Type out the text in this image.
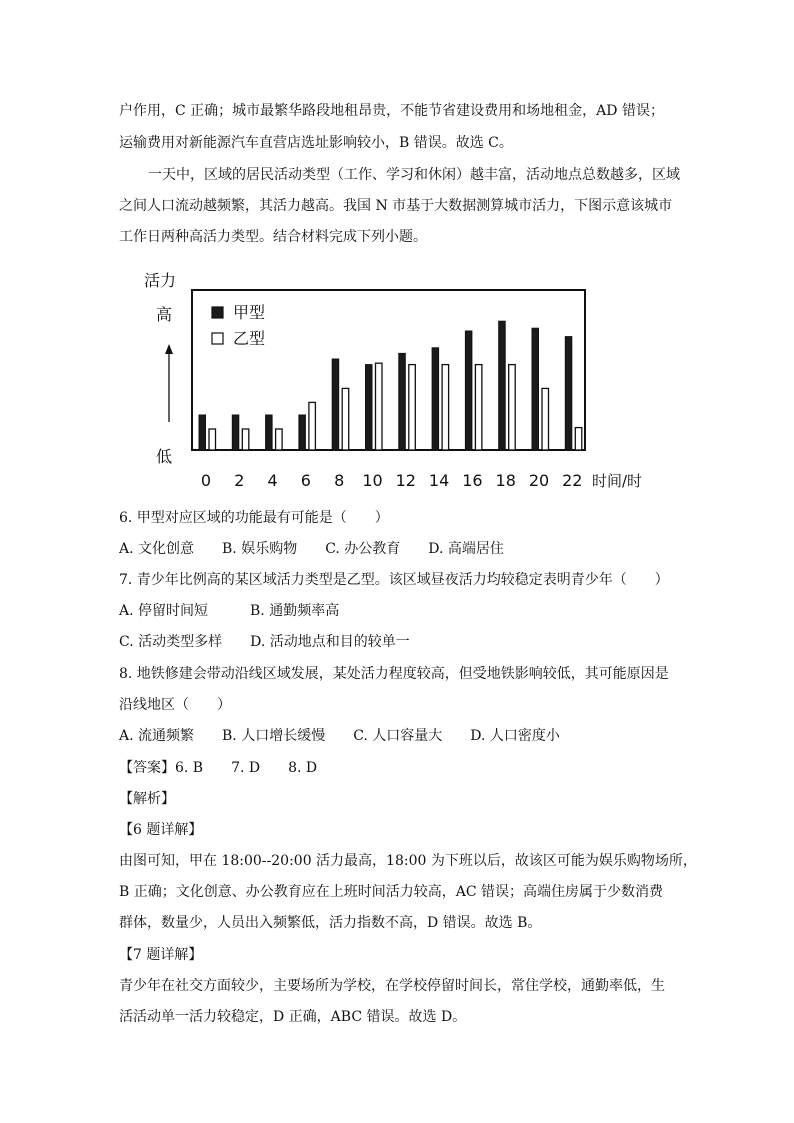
户作用，C 正确；城市最繁华路段地租昂贵，不能节省建设费用和场地租金，AD 错误；
运输费用对新能源汽车直营店选址影响较小，B 错误。故选 C。
一天中，区域的居民活动类型（工作、学习和休闲）越丰富，活动地点总数越多，区域
之间人口流动越频繁，其活力越高。我国 N 市基于大数据测算城市活力，下图示意该城市
工作日两种高活力类型。结合材料完成下列小题。
活力
高
低
甲型
乙型
0 2 4 6 8 10 12 14 16 18 20 22 时间/时
6. 甲型对应区域的功能最有可能是（　　）
A. 文化创意　　B. 娱乐购物　　C. 办公教育　　D. 高端居住
7. 青少年比例高的某区域活力类型是乙型。该区域昼夜活力均较稳定表明青少年（　　）
A. 停留时间短　　　B. 通勤频率高
C. 活动类型多样　　D. 活动地点和目的较单一
8. 地铁修建会带动沿线区域发展，某处活力程度较高，但受地铁影响较低，其可能原因是
沿线地区（　　）
A. 流通频繁　　B. 人口增长缓慢　　C. 人口容量大　　D. 人口密度小
【答案】6. B　　7. D　　8. D
【解析】
【6 题详解】
由图可知，甲在 18:00--20:00 活力最高，18:00 为下班以后，故该区可能为娱乐购物场所，
B 正确；文化创意、办公教育应在上班时间活力较高，AC 错误；高端住房属于少数消费
群体，数量少，人员出入频繁低，活力指数不高，D 错误。故选 B。
【7 题详解】
青少年在社交方面较少，主要场所为学校，在学校停留时间长，常住学校，通勤率低，生
活活动单一活力较稳定，D 正确，ABC 错误。故选 D。
